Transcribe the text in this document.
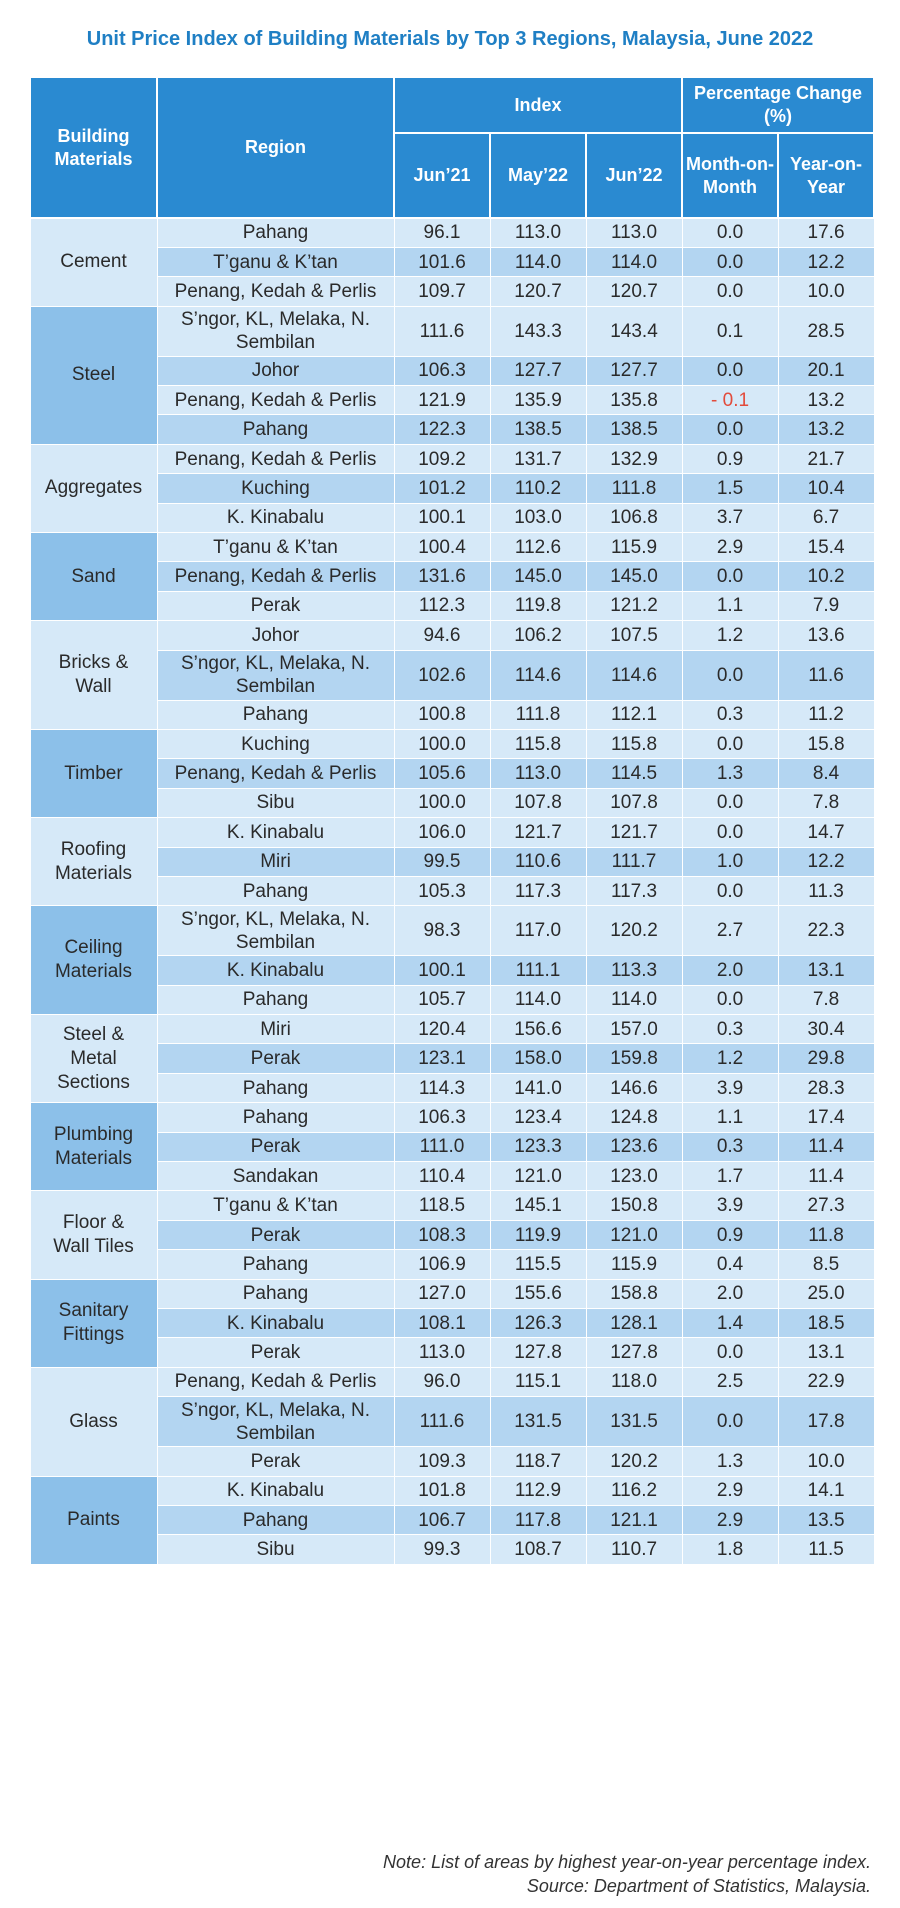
Unit Price Index of Building Materials by Top 3 Regions, Malaysia, June 2022
Building Materials	Region	Index			Percentage Change (%)	
		Jun’21	May’22	Jun’22	Month-on-Month	Year-on-Year
Cement	Pahang	96.1	113.0	113.0	0.0	17.6
	T’ganu & K’tan	101.6	114.0	114.0	0.0	12.2
	Penang, Kedah & Perlis	109.7	120.7	120.7	0.0	10.0
Steel	S’ngor, KL, Melaka, N. Sembilan	111.6	143.3	143.4	0.1	28.5
	Johor	106.3	127.7	127.7	0.0	20.1
	Penang, Kedah & Perlis	121.9	135.9	135.8	- 0.1	13.2
	Pahang	122.3	138.5	138.5	0.0	13.2
Aggregates	Penang, Kedah & Perlis	109.2	131.7	132.9	0.9	21.7
	Kuching	101.2	110.2	111.8	1.5	10.4
	K. Kinabalu	100.1	103.0	106.8	3.7	6.7
Sand	T’ganu & K’tan	100.4	112.6	115.9	2.9	15.4
	Penang, Kedah & Perlis	131.6	145.0	145.0	0.0	10.2
	Perak	112.3	119.8	121.2	1.1	7.9
Bricks & Wall	Johor	94.6	106.2	107.5	1.2	13.6
	S’ngor, KL, Melaka, N. Sembilan	102.6	114.6	114.6	0.0	11.6
	Pahang	100.8	111.8	112.1	0.3	11.2
Timber	Kuching	100.0	115.8	115.8	0.0	15.8
	Penang, Kedah & Perlis	105.6	113.0	114.5	1.3	8.4
	Sibu	100.0	107.8	107.8	0.0	7.8
Roofing Materials	K. Kinabalu	106.0	121.7	121.7	0.0	14.7
	Miri	99.5	110.6	111.7	1.0	12.2
	Pahang	105.3	117.3	117.3	0.0	11.3
Ceiling Materials	S’ngor, KL, Melaka, N. Sembilan	98.3	117.0	120.2	2.7	22.3
	K. Kinabalu	100.1	111.1	113.3	2.0	13.1
	Pahang	105.7	114.0	114.0	0.0	7.8
Steel & Metal Sections	Miri	120.4	156.6	157.0	0.3	30.4
	Perak	123.1	158.0	159.8	1.2	29.8
	Pahang	114.3	141.0	146.6	3.9	28.3
Plumbing Materials	Pahang	106.3	123.4	124.8	1.1	17.4
	Perak	111.0	123.3	123.6	0.3	11.4
	Sandakan	110.4	121.0	123.0	1.7	11.4
Floor & Wall Tiles	T’ganu & K’tan	118.5	145.1	150.8	3.9	27.3
	Perak	108.3	119.9	121.0	0.9	11.8
	Pahang	106.9	115.5	115.9	0.4	8.5
Sanitary Fittings	Pahang	127.0	155.6	158.8	2.0	25.0
	K. Kinabalu	108.1	126.3	128.1	1.4	18.5
	Perak	113.0	127.8	127.8	0.0	13.1
Glass	Penang, Kedah & Perlis	96.0	115.1	118.0	2.5	22.9
	S’ngor, KL, Melaka, N. Sembilan	111.6	131.5	131.5	0.0	17.8
	Perak	109.3	118.7	120.2	1.3	10.0
Paints	K. Kinabalu	101.8	112.9	116.2	2.9	14.1
	Pahang	106.7	117.8	121.1	2.9	13.5
	Sibu	99.3	108.7	110.7	1.8	11.5
Note: List of areas by highest year-on-year percentage index.
Source: Department of Statistics, Malaysia.
